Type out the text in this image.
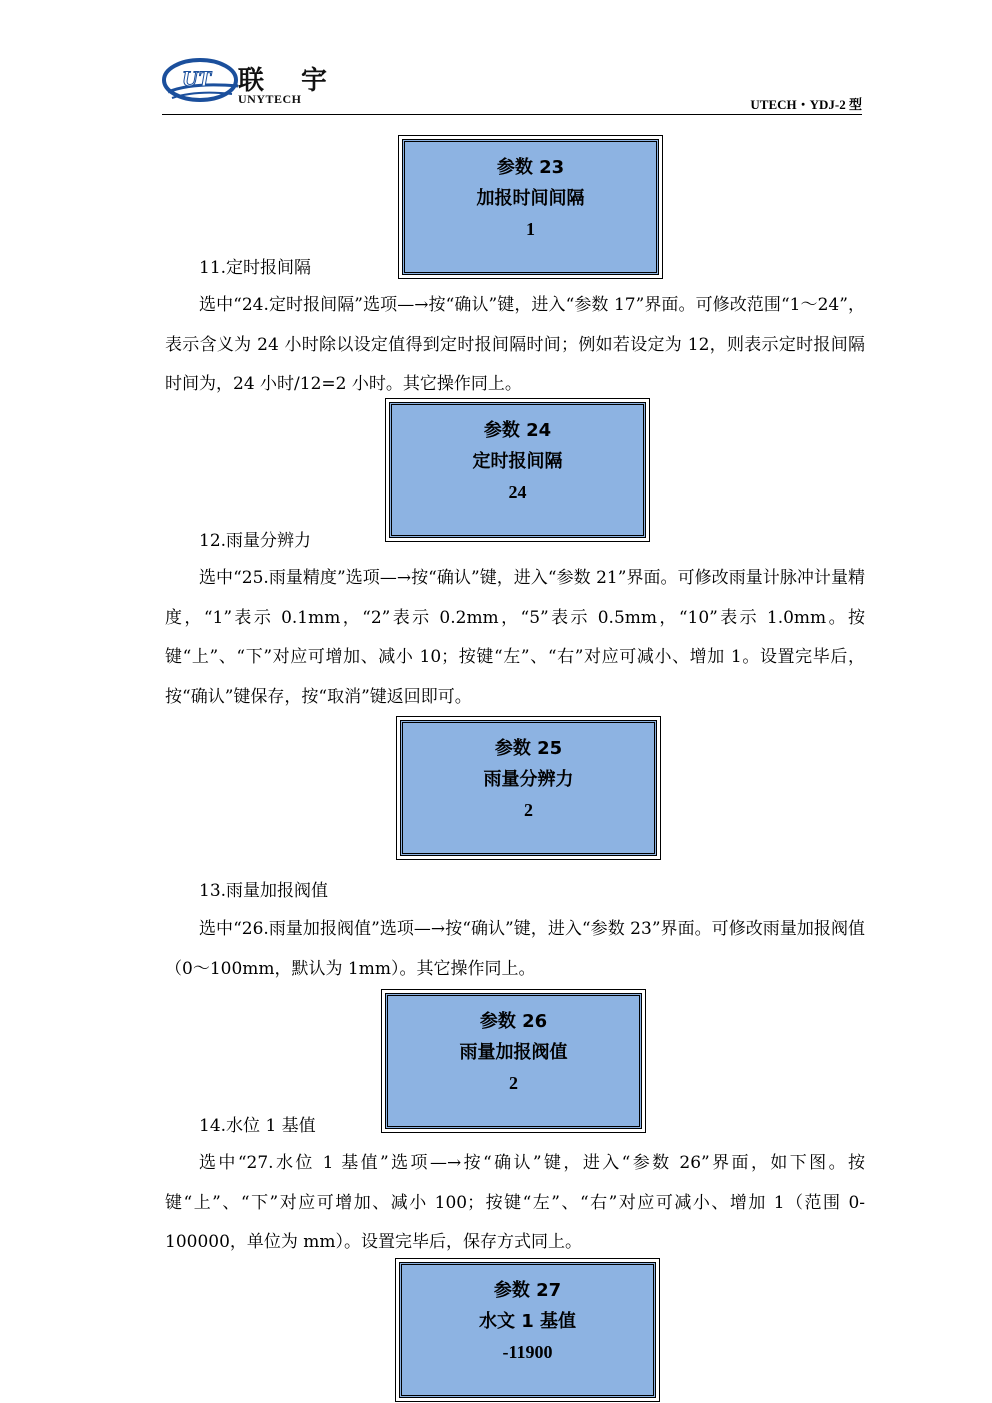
UT 联 宇
UNYTECH	UTECH・YDJ-2 型
参数 23
加报时间间隔
1
11.定时报间隔
选中“24.定时报间隔”选项—→按“确认”键，进入“参数 17”界面。可修改范围“1～24”，表示含义为 24 小时除以设定值得到定时报间隔时间；例如若设定为 12，则表示定时报间隔时间为，24 小时/12=2 小时。其它操作同上。
参数 24
定时报间隔
24
12.雨量分辨力
选中“25.雨量精度”选项—→按“确认”键，进入“参数 21”界面。可修改雨量计脉冲计量精度，“1”表示 0.1mm，“2”表示 0.2mm，“5”表示 0.5mm，“10”表示 1.0mm。按键“上”、“下”对应可增加、减小 10；按键“左”、“右”对应可减小、增加 1。设置完毕后，按“确认”键保存，按“取消”键返回即可。
参数 25
雨量分辨力
2
13.雨量加报阀值
选中“26.雨量加报阀值”选项—→按“确认”键，进入“参数 23”界面。可修改雨量加报阀值（0～100mm，默认为 1mm）。其它操作同上。
参数 26
雨量加报阀值
2
14.水位 1 基值
选中“27.水位 1 基值”选项—→按“确认”键，进入“参数 26”界面，如下图。按键“上”、“下”对应可增加、减小 100；按键“左”、“右”对应可减小、增加 1（范围 0-100000，单位为 mm）。设置完毕后，保存方式同上。
参数 27
水文 1 基值
-11900
